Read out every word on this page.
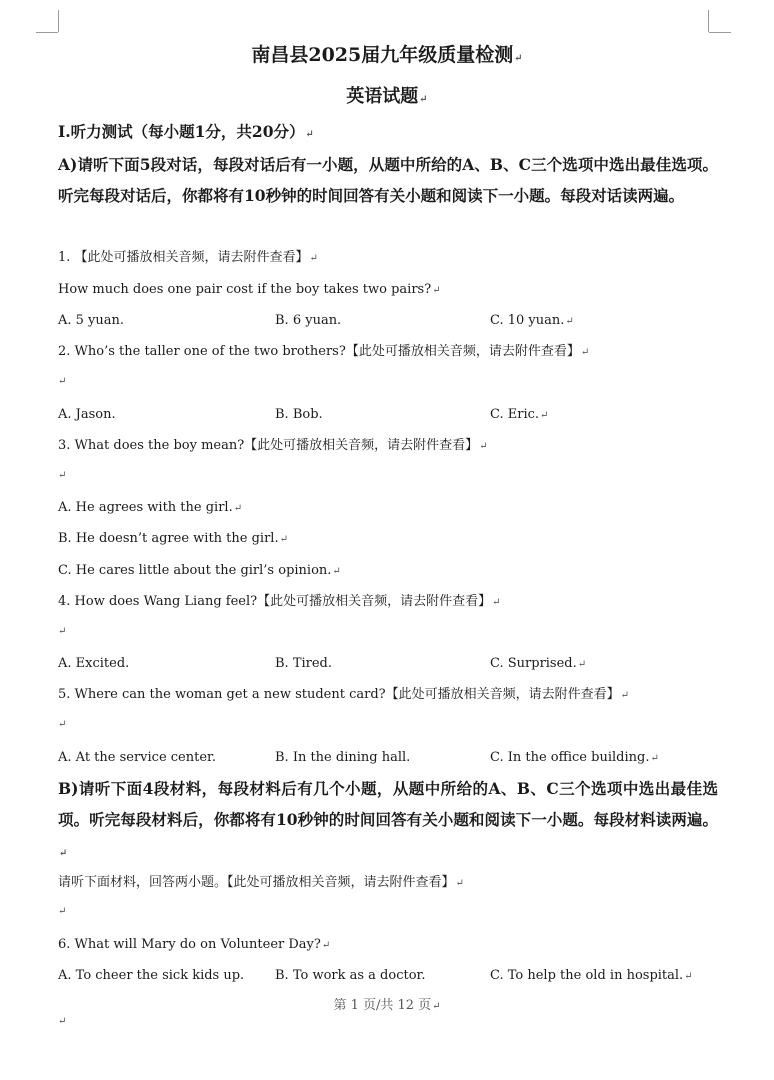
南昌县2025届九年级质量检测↵
英语试题↵
Ⅰ.听力测试（每小题1分，共20分）↵
A)请听下面5段对话，每段对话后有一小题，从题中所给的A、B、C三个选项中选出最佳选项。听完每段对话后，你都将有10秒钟的时间回答有关小题和阅读下一小题。每段对话读两遍。
1. 【此处可播放相关音频，请去附件查看】↵
How much does one pair cost if the boy takes two pairs?↵
A. 5 yuan.	B. 6 yuan.	C. 10 yuan.↵
2. Who’s the taller one of the two brothers?【此处可播放相关音频，请去附件查看】↵
↵
A. Jason.	B. Bob.	C. Eric.↵
3. What does the boy mean?【此处可播放相关音频，请去附件查看】↵
↵
A. He agrees with the girl.↵
B. He doesn’t agree with the girl.↵
C. He cares little about the girl’s opinion.↵
4. How does Wang Liang feel?【此处可播放相关音频，请去附件查看】↵
↵
A. Excited.	B. Tired.	C. Surprised.↵
5. Where can the woman get a new student card?【此处可播放相关音频，请去附件查看】↵
↵
A. At the service center.	B. In the dining hall.	C. In the office building.↵
B)请听下面4段材料，每段材料后有几个小题，从题中所给的A、B、C三个选项中选出最佳选项。听完每段材料后，你都将有10秒钟的时间回答有关小题和阅读下一小题。每段材料读两遍。↵
请听下面材料，回答两小题。【此处可播放相关音频，请去附件查看】↵
↵
6. What will Mary do on Volunteer Day?↵
A. To cheer the sick kids up. B. To work as a doctor.	C. To help the old in hospital.↵
第 1 页/共 12 页↵
↵
